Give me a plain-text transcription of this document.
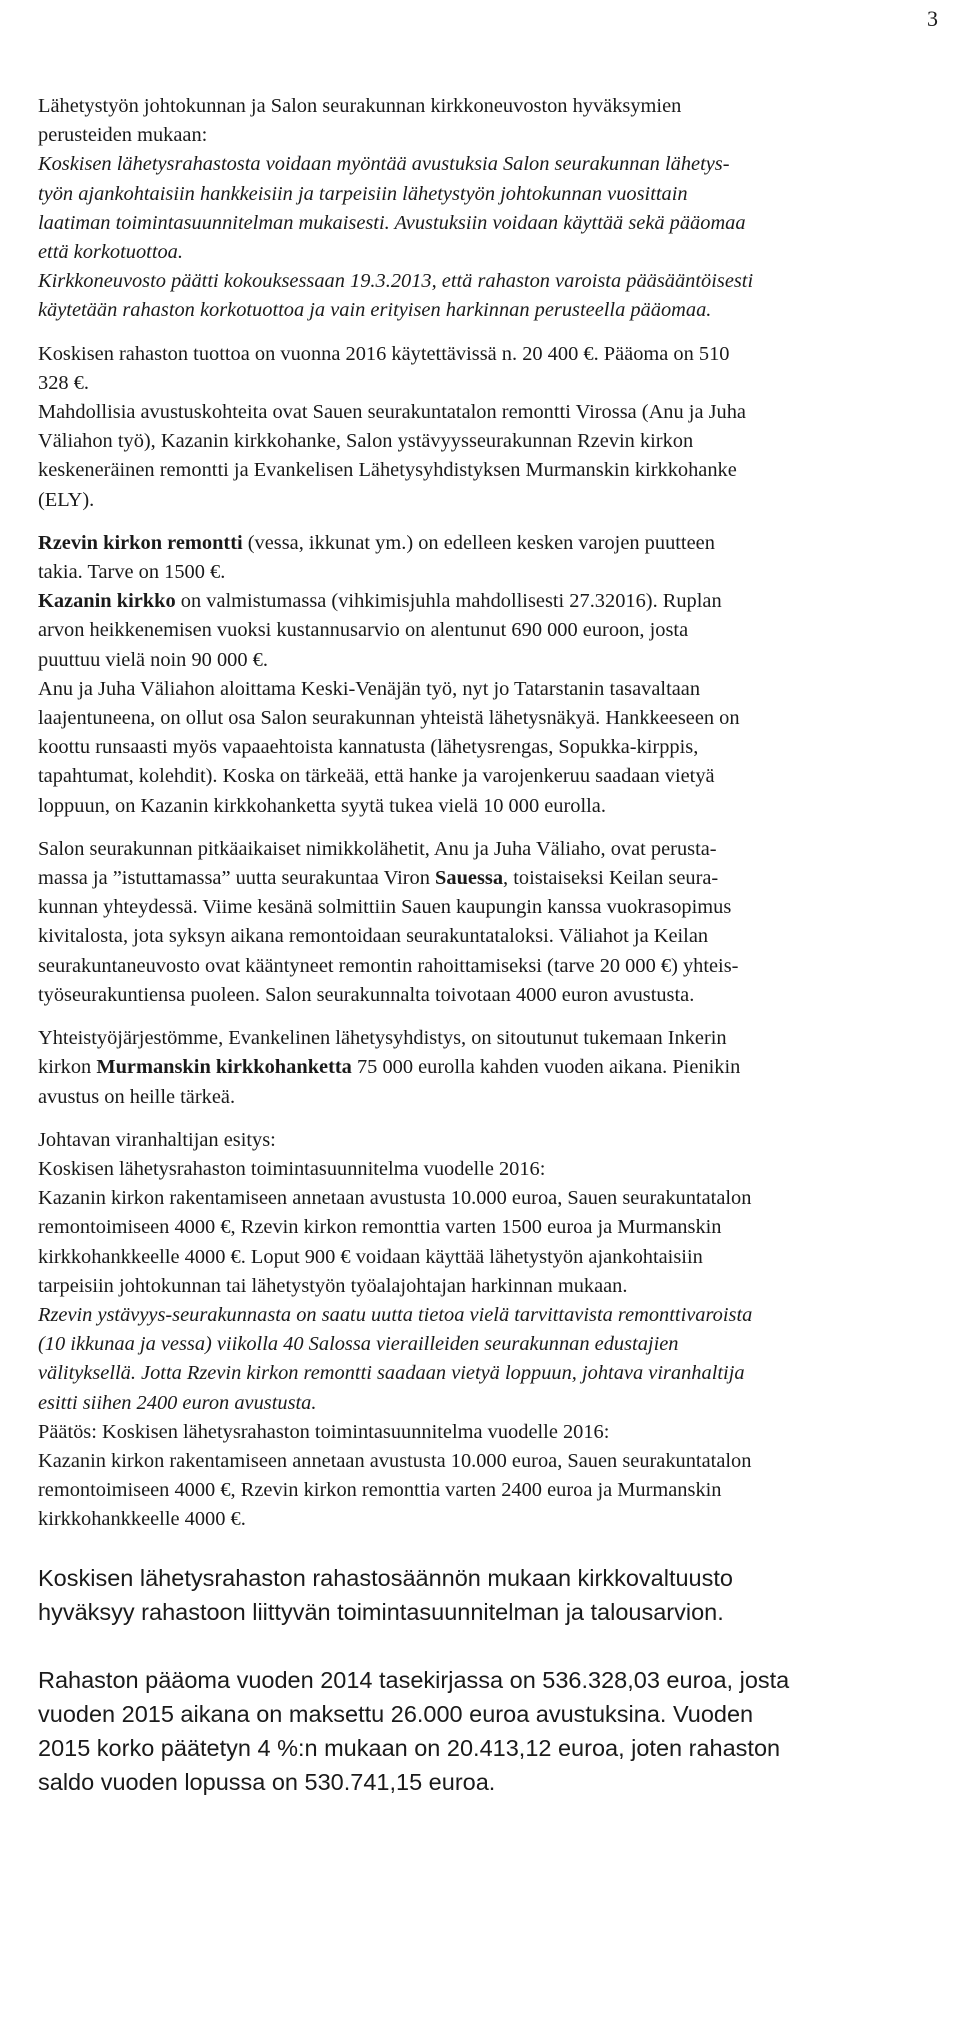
3
Lähetystyön johtokunnan ja Salon seurakunnan kirkkoneuvoston hyväksymien
perusteiden mukaan:
Koskisen lähetysrahastosta voidaan myöntää avustuksia Salon seurakunnan lähetys-
työn ajankohtaisiin hankkeisiin ja tarpeisiin lähetystyön johtokunnan vuosittain
laatiman toimintasuunnitelman mukaisesti. Avustuksiin voidaan käyttää sekä pääomaa
että korkotuottoa.
Kirkkoneuvosto päätti kokouksessaan 19.3.2013, että rahaston varoista pääsääntöisesti
käytetään rahaston korkotuottoa ja vain erityisen harkinnan perusteella pääomaa.
Koskisen rahaston tuottoa on vuonna 2016 käytettävissä n. 20 400 €. Pääoma on 510
328 €.
Mahdollisia avustuskohteita ovat Sauen seurakuntatalon remontti Virossa (Anu ja Juha
Väliahon työ), Kazanin kirkkohanke, Salon ystävyysseurakunnan Rzevin kirkon
keskeneräinen remontti ja Evankelisen Lähetysyhdistyksen Murmanskin kirkkohanke
(ELY).
Rzevin kirkon remontti (vessa, ikkunat ym.) on edelleen kesken varojen puutteen
takia. Tarve on 1500 €.
Kazanin kirkko on valmistumassa (vihkimisjuhla mahdollisesti 27.32016). Ruplan
arvon heikkenemisen vuoksi kustannusarvio on alentunut 690 000 euroon, josta
puuttuu vielä noin 90 000 €.
Anu ja Juha Väliahon aloittama Keski-Venäjän työ, nyt jo Tatarstanin tasavaltaan
laajentuneena, on ollut osa Salon seurakunnan yhteistä lähetysnäkyä. Hankkeeseen on
koottu runsaasti myös vapaaehtoista kannatusta (lähetysrengas, Sopukka-kirppis,
tapahtumat, kolehdit). Koska on tärkeää, että hanke ja varojenkeruu saadaan vietyä
loppuun, on Kazanin kirkkohanketta syytä tukea vielä 10 000 eurolla.
Salon seurakunnan pitkäaikaiset nimikkolähetit, Anu ja Juha Väliaho, ovat perusta-
massa ja ”istuttamassa” uutta seurakuntaa Viron Sauessa, toistaiseksi Keilan seura-
kunnan yhteydessä. Viime kesänä solmittiin Sauen kaupungin kanssa vuokrasopimus
kivitalosta, jota syksyn aikana remontoidaan seurakuntataloksi. Väliahot ja Keilan
seurakuntaneuvosto ovat kääntyneet remontin rahoittamiseksi (tarve 20 000 €) yhteis-
työseurakuntiensa puoleen. Salon seurakunnalta toivotaan 4000 euron avustusta.
Yhteistyöjärjestömme, Evankelinen lähetysyhdistys, on sitoutunut tukemaan Inkerin
kirkon Murmanskin kirkkohanketta 75 000 eurolla kahden vuoden aikana. Pienikin
avustus on heille tärkeä.
Johtavan viranhaltijan esitys:
Koskisen lähetysrahaston toimintasuunnitelma vuodelle 2016:
Kazanin kirkon rakentamiseen annetaan avustusta 10.000 euroa, Sauen seurakuntatalon
remontoimiseen 4000 €, Rzevin kirkon remonttia varten 1500 euroa ja Murmanskin
kirkkohankkeelle 4000 €. Loput 900 € voidaan käyttää lähetystyön ajankohtaisiin
tarpeisiin johtokunnan tai lähetystyön työalajohtajan harkinnan mukaan.
Rzevin ystävyys-seurakunnasta on saatu uutta tietoa vielä tarvittavista remonttivaroista
(10 ikkunaa ja vessa) viikolla 40 Salossa vierailleiden seurakunnan edustajien
välityksellä. Jotta Rzevin kirkon remontti saadaan vietyä loppuun, johtava viranhaltija
esitti siihen 2400 euron avustusta.
Päätös: Koskisen lähetysrahaston toimintasuunnitelma vuodelle 2016:
Kazanin kirkon rakentamiseen annetaan avustusta 10.000 euroa, Sauen seurakuntatalon
remontoimiseen 4000 €, Rzevin kirkon remonttia varten 2400 euroa ja Murmanskin
kirkkohankkeelle 4000 €.
Koskisen lähetysrahaston rahastosäännön mukaan kirkkovaltuusto
hyväksyy rahastoon liittyvän toimintasuunnitelman ja talousarvion.
Rahaston pääoma vuoden 2014 tasekirjassa on 536.328,03 euroa, josta
vuoden 2015 aikana on maksettu 26.000 euroa avustuksina. Vuoden
2015 korko päätetyn 4 %:n mukaan on 20.413,12 euroa, joten rahaston
saldo vuoden lopussa on 530.741,15 euroa.
